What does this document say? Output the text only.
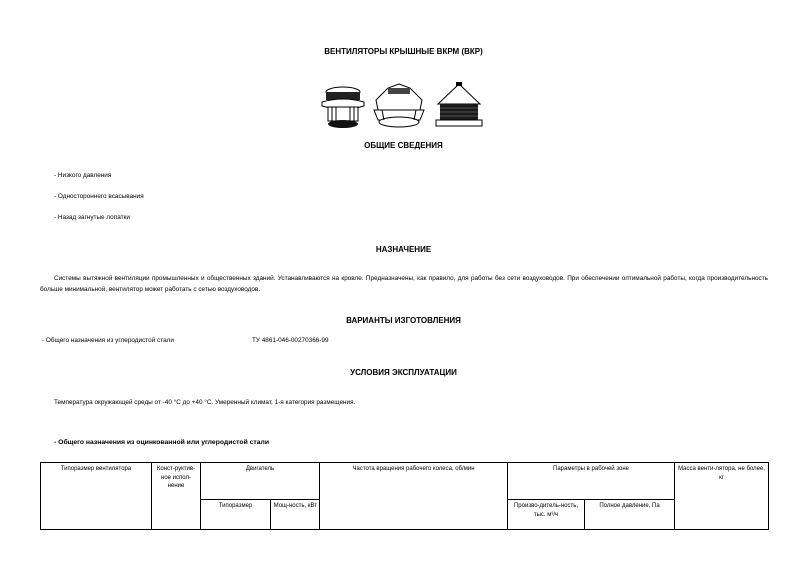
ВЕНТИЛЯТОРЫ КРЫШНЫЕ ВКРМ (ВКР)
ОБЩИЕ СВЕДЕНИЯ
- Низкого давления
- Одностороннего всасывания
- Назад загнутые лопатки
НАЗНАЧЕНИЕ
Системы вытяжной вентиляции промышленных и общественных зданий. Устанавливаются на кровле. Предназначены, как правило, для работы без сети воздуховодов. При обеспечении оптимальной работы, когда производительность больше минимальной, вентилятор может работать с сетью воздуховодов.
ВАРИАНТЫ ИЗГОТОВЛЕНИЯ
- Общего назначения из углеродистой стали	ТУ 4861-046-00270366-99
УСЛОВИЯ ЭКСПЛУАТАЦИИ
Температура окружающей среды от -40 °С до +40 °С. Умеренный климат, 1-я категория размещения.
- Общего назначения из оцинкованной или углеродистой стали
Типоразмер вентилятора	Конст-руктив-ное испол-нение	Двигатель		Частота вращения рабочего колеса, об/мин	Параметры в рабочей зоне		Масса венти-лятора, не более, кг
		Типоразмер	Мощ-ность, кВт		Произво-дитель-ность, тыс. м³/ч	Полное давление, Па	
